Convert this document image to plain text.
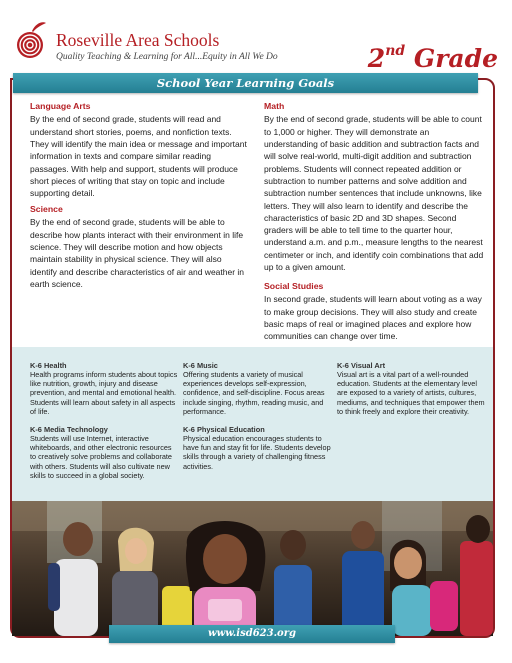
Roseville Area Schools
Quality Teaching & Learning for All...Equity in All We Do	2nd Grade
School Year Learning Goals

Language Arts

By the end of second grade, students will read and understand short stories, poems, and nonfiction texts. They will identify the main idea or message and important information in texts and compare similar reading passages. With help and support, students will produce short pieces of writing that stay on topic and include supporting detail.

Science

By the end of second grade, students will be able to describe how plants interact with their environment in life science. They will describe motion and how objects maintain stability in physical science. They will also identify and describe characteristics of air and weather in earth science.

Math

By the end of second grade, students will be able to count to 1,000 or higher. They will demonstrate an understanding of basic addition and subtraction facts and will solve real-world, multi-digit addition and subtraction problems. Students will connect repeated addition or subtraction to number patterns and solve addition and subtraction number sentences that include unknowns, like letters. They will also learn to identify and describe the characteristics of basic 2D and 3D shapes. Second graders will be able to tell time to the quarter hour, understand a.m. and p.m., measure lengths to the nearest centimeter or inch, and identify coin combinations that add up to a given amount.

Social Studies

In second grade, students will learn about voting as a way to make group decisions. They will also study and create basic maps of real or imagined places and explore how communities can change over time.

K-6 Health

Health programs inform students about topics like nutrition, growth, injury and disease prevention, and mental and emotional health. Students will learn about safety in all aspects of life.

K-6 Media Technology

Students will use Internet, interactive whiteboards, and other electronic resources to creatively solve problems and collaborate with others. Students will also cultivate new skills to succeed in a global society.

K-6 Music

Offering students a variety of musical experiences develops self-expression, confidence, and self-discipline. Focus areas include singing, rhythm, reading music, and performance.

K-6 Physical Education

Physical education encourages students to have fun and stay fit for life. Students develop skills through a variety of challenging fitness activities.

K-6 Visual Art

Visual art is a vital part of a well-rounded education. Students at the elementary level are exposed to a variety of artists, cultures, mediums, and techniques that empower them to think freely and explore their creativity.

www.isd623.org
